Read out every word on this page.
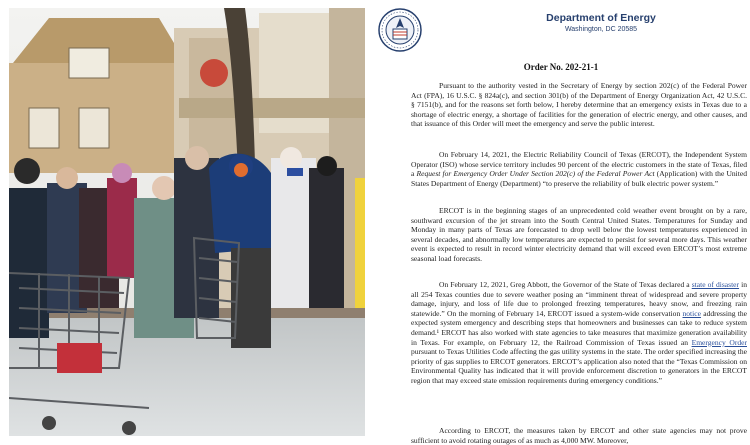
Department of Energy
Washington, DC 20585
Order No. 202-21-1
Pursuant to the authority vested in the Secretary of Energy by section 202(c) of the Federal Power Act (FPA), 16 U.S.C. § 824a(c), and section 301(b) of the Department of Energy Organization Act, 42 U.S.C. § 7151(b), and for the reasons set forth below, I hereby determine that an emergency exists in Texas due to a shortage of electric energy, a shortage of facilities for the generation of electric energy, and other causes, and that issuance of this Order will meet the emergency and serve the public interest.
On February 14, 2021, the Electric Reliability Council of Texas (ERCOT), the Independent System Operator (ISO) whose service territory includes 90 percent of the electric customers in the state of Texas, filed a Request for Emergency Order Under Section 202(c) of the Federal Power Act (Application) with the United States Department of Energy (Department) “to preserve the reliability of bulk electric power system.”
ERCOT is in the beginning stages of an unprecedented cold weather event brought on by a rare, southward excursion of the jet stream into the South Central United States. Temperatures for Sunday and Monday in many parts of Texas are forecasted to drop well below the lowest temperatures experienced in several decades, and abnormally low temperatures are expected to persist for several more days. This weather event is expected to result in record winter electricity demand that will exceed even ERCOT’s most extreme seasonal load forecasts.
On February 12, 2021, Greg Abbott, the Governor of the State of Texas declared a state of disaster in all 254 Texas counties due to severe weather posing an “imminent threat of widespread and severe property damage, injury, and loss of life due to prolonged freezing temperatures, heavy snow, and freezing rain statewide.” On the morning of February 14, ERCOT issued a system-wide conservation notice addressing the expected system emergency and describing steps that homeowners and businesses can take to reduce system demand.¹ ERCOT has also worked with state agencies to take measures that maximize generation availability in Texas. For example, on February 12, the Railroad Commission of Texas issued an Emergency Order pursuant to Texas Utilities Code affecting the gas utility systems in the state. The order specified increasing the priority of gas supplies to ERCOT generators. ERCOT’s application also noted that the “Texas Commission on Environmental Quality has indicated that it will provide enforcement discretion to generators in the ERCOT region that may exceed state emission requirements during emergency conditions.”
According to ERCOT, the measures taken by ERCOT and other state agencies may not prove sufficient to avoid rotating outages of as much as 4,000 MW. Moreover,
